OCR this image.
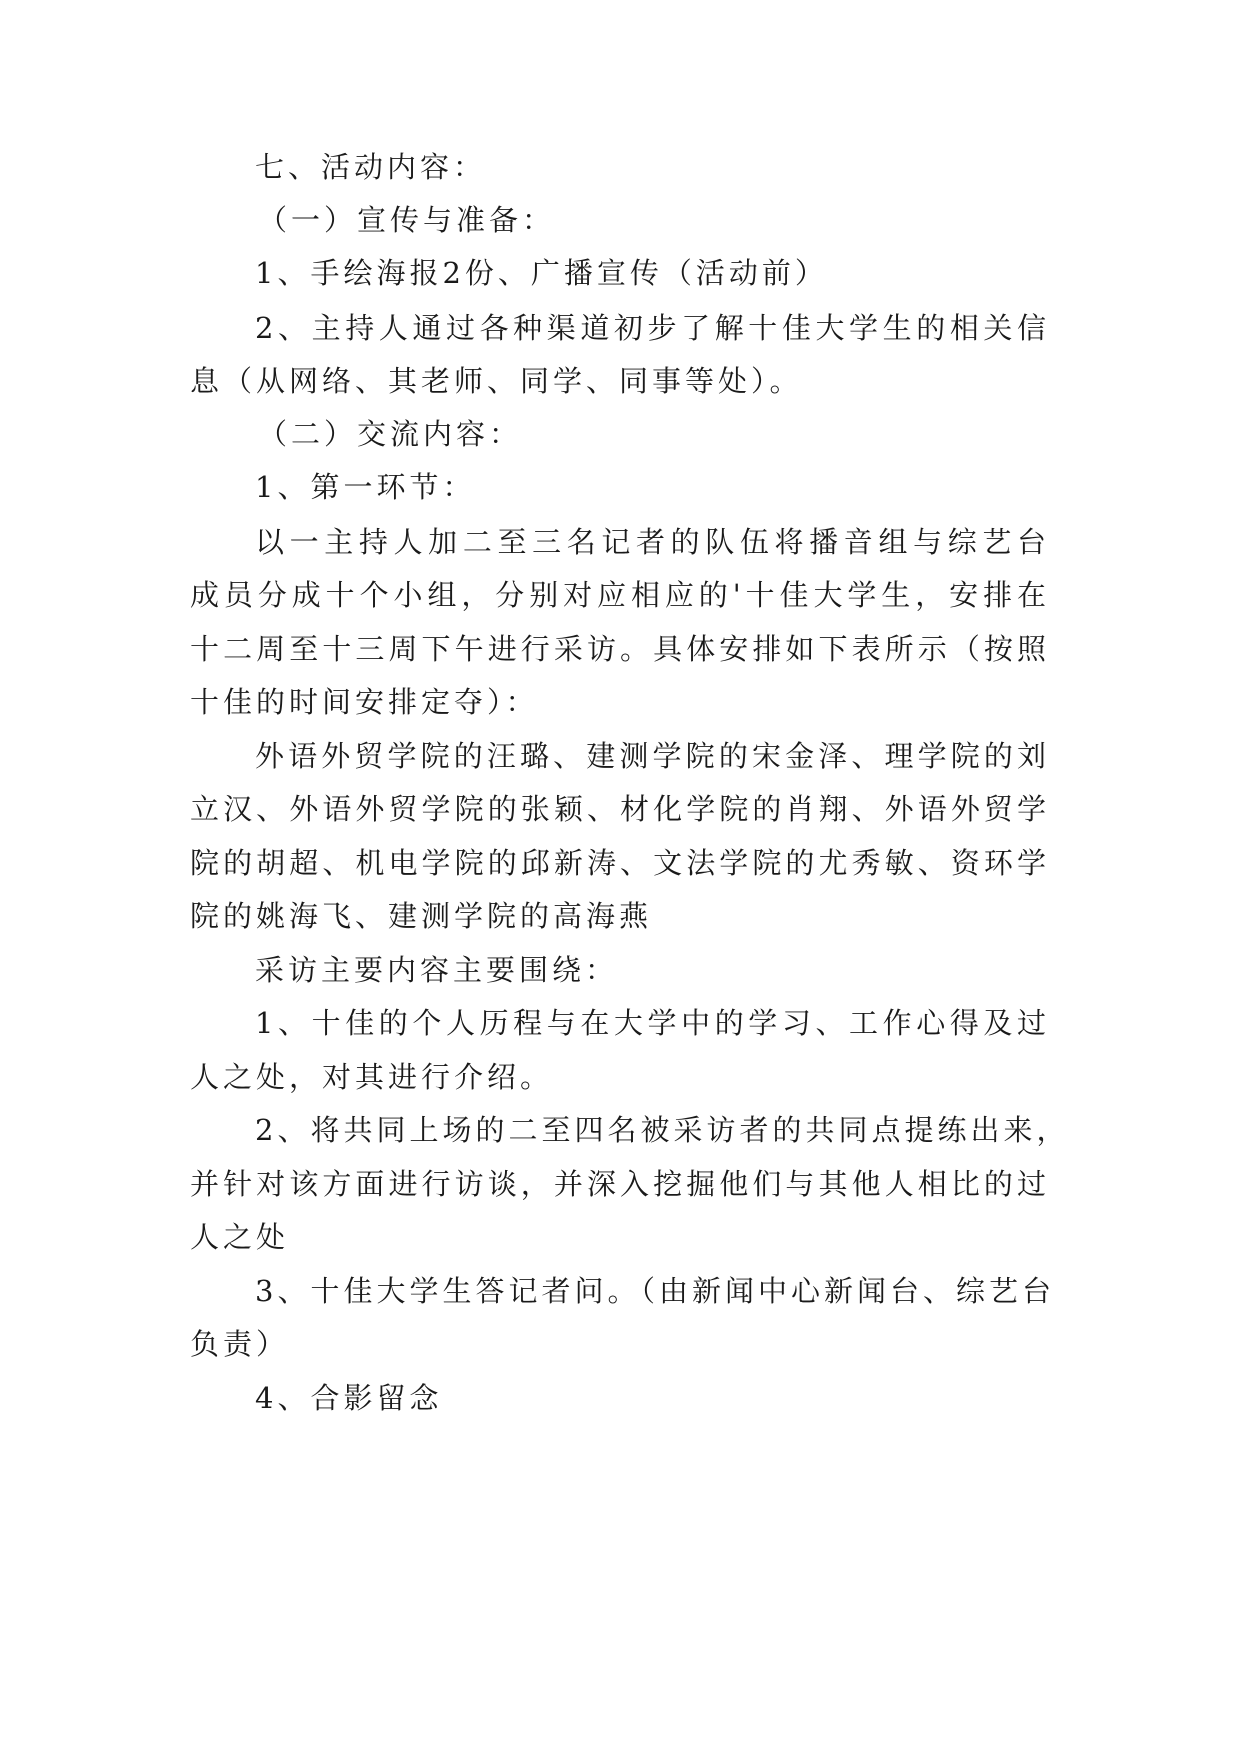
七、活动内容：
（一）宣传与准备：
1、手绘海报2份、广播宣传（活动前）
2、主持人通过各种渠道初步了解十佳大学生的相关信
息（从网络、其老师、同学、同事等处）。
（二）交流内容：
1、第一环节：
以一主持人加二至三名记者的队伍将播音组与综艺台
成员分成十个小组，分别对应相应的'十佳大学生，安排在
十二周至十三周下午进行采访。具体安排如下表所示（按照
十佳的时间安排定夺）：
外语外贸学院的汪璐、建测学院的宋金泽、理学院的刘
立汉、外语外贸学院的张颖、材化学院的肖翔、外语外贸学
院的胡超、机电学院的邱新涛、文法学院的尤秀敏、资环学
院的姚海飞、建测学院的高海燕
采访主要内容主要围绕：
1、十佳的个人历程与在大学中的学习、工作心得及过
人之处，对其进行介绍。
2、将共同上场的二至四名被采访者的共同点提练出来，
并针对该方面进行访谈，并深入挖掘他们与其他人相比的过
人之处
3、十佳大学生答记者问。（由新闻中心新闻台、综艺台
负责）
4、合影留念
